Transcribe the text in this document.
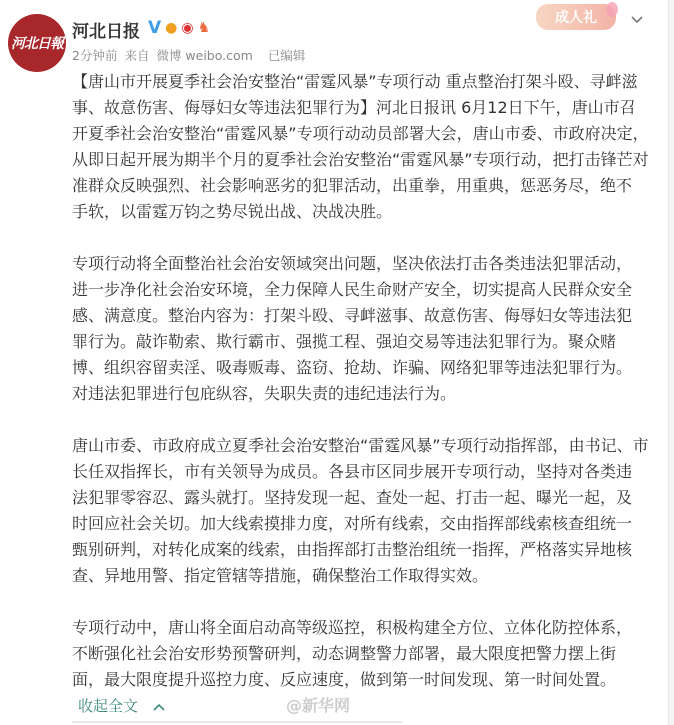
河北日報
河北日报 V ● ◉ ♞
2分钟前 来自 微博 weibo.com 已编辑
成人礼
【唐山市开展夏季社会治安整治“雷霆风暴”专项行动 重点整治打架斗殴、寻衅滋
事、故意伤害、侮辱妇女等违法犯罪行为】河北日报讯 6月12日下午，唐山市召
开夏季社会治安整治“雷霆风暴”专项行动动员部署大会，唐山市委、市政府决定，
从即日起开展为期半个月的夏季社会治安整治“雷霆风暴”专项行动，把打击锋芒对
准群众反映强烈、社会影响恶劣的犯罪活动，出重拳，用重典，惩恶务尽，绝不
手软，以雷霆万钧之势尽锐出战、决战决胜。
专项行动将全面整治社会治安领域突出问题，坚决依法打击各类违法犯罪活动，
进一步净化社会治安环境，全力保障人民生命财产安全，切实提高人民群众安全
感、满意度。整治内容为：打架斗殴、寻衅滋事、故意伤害、侮辱妇女等违法犯
罪行为。敲诈勒索、欺行霸市、强揽工程、强迫交易等违法犯罪行为。聚众赌
博、组织容留卖淫、吸毒贩毒、盗窃、抢劫、诈骗、网络犯罪等违法犯罪行为。
对违法犯罪进行包庇纵容，失职失责的违纪违法行为。
唐山市委、市政府成立夏季社会治安整治“雷霆风暴”专项行动指挥部，由书记、市
长任双指挥长，市有关领导为成员。各县市区同步展开专项行动，坚持对各类违
法犯罪零容忍、露头就打。坚持发现一起、查处一起、打击一起、曝光一起，及
时回应社会关切。加大线索摸排力度，对所有线索，交由指挥部线索核查组统一
甄别研判，对转化成案的线索，由指挥部打击整治组统一指挥，严格落实异地核
查、异地用警、指定管辖等措施，确保整治工作取得实效。
专项行动中，唐山将全面启动高等级巡控，积极构建全方位、立体化防控体系，
不断强化社会治安形势预警研判，动态调整警力部署，最大限度把警力摆上街
面，最大限度提升巡控力度、反应速度，做到第一时间发现、第一时间处置。
收起全文	@新华网
